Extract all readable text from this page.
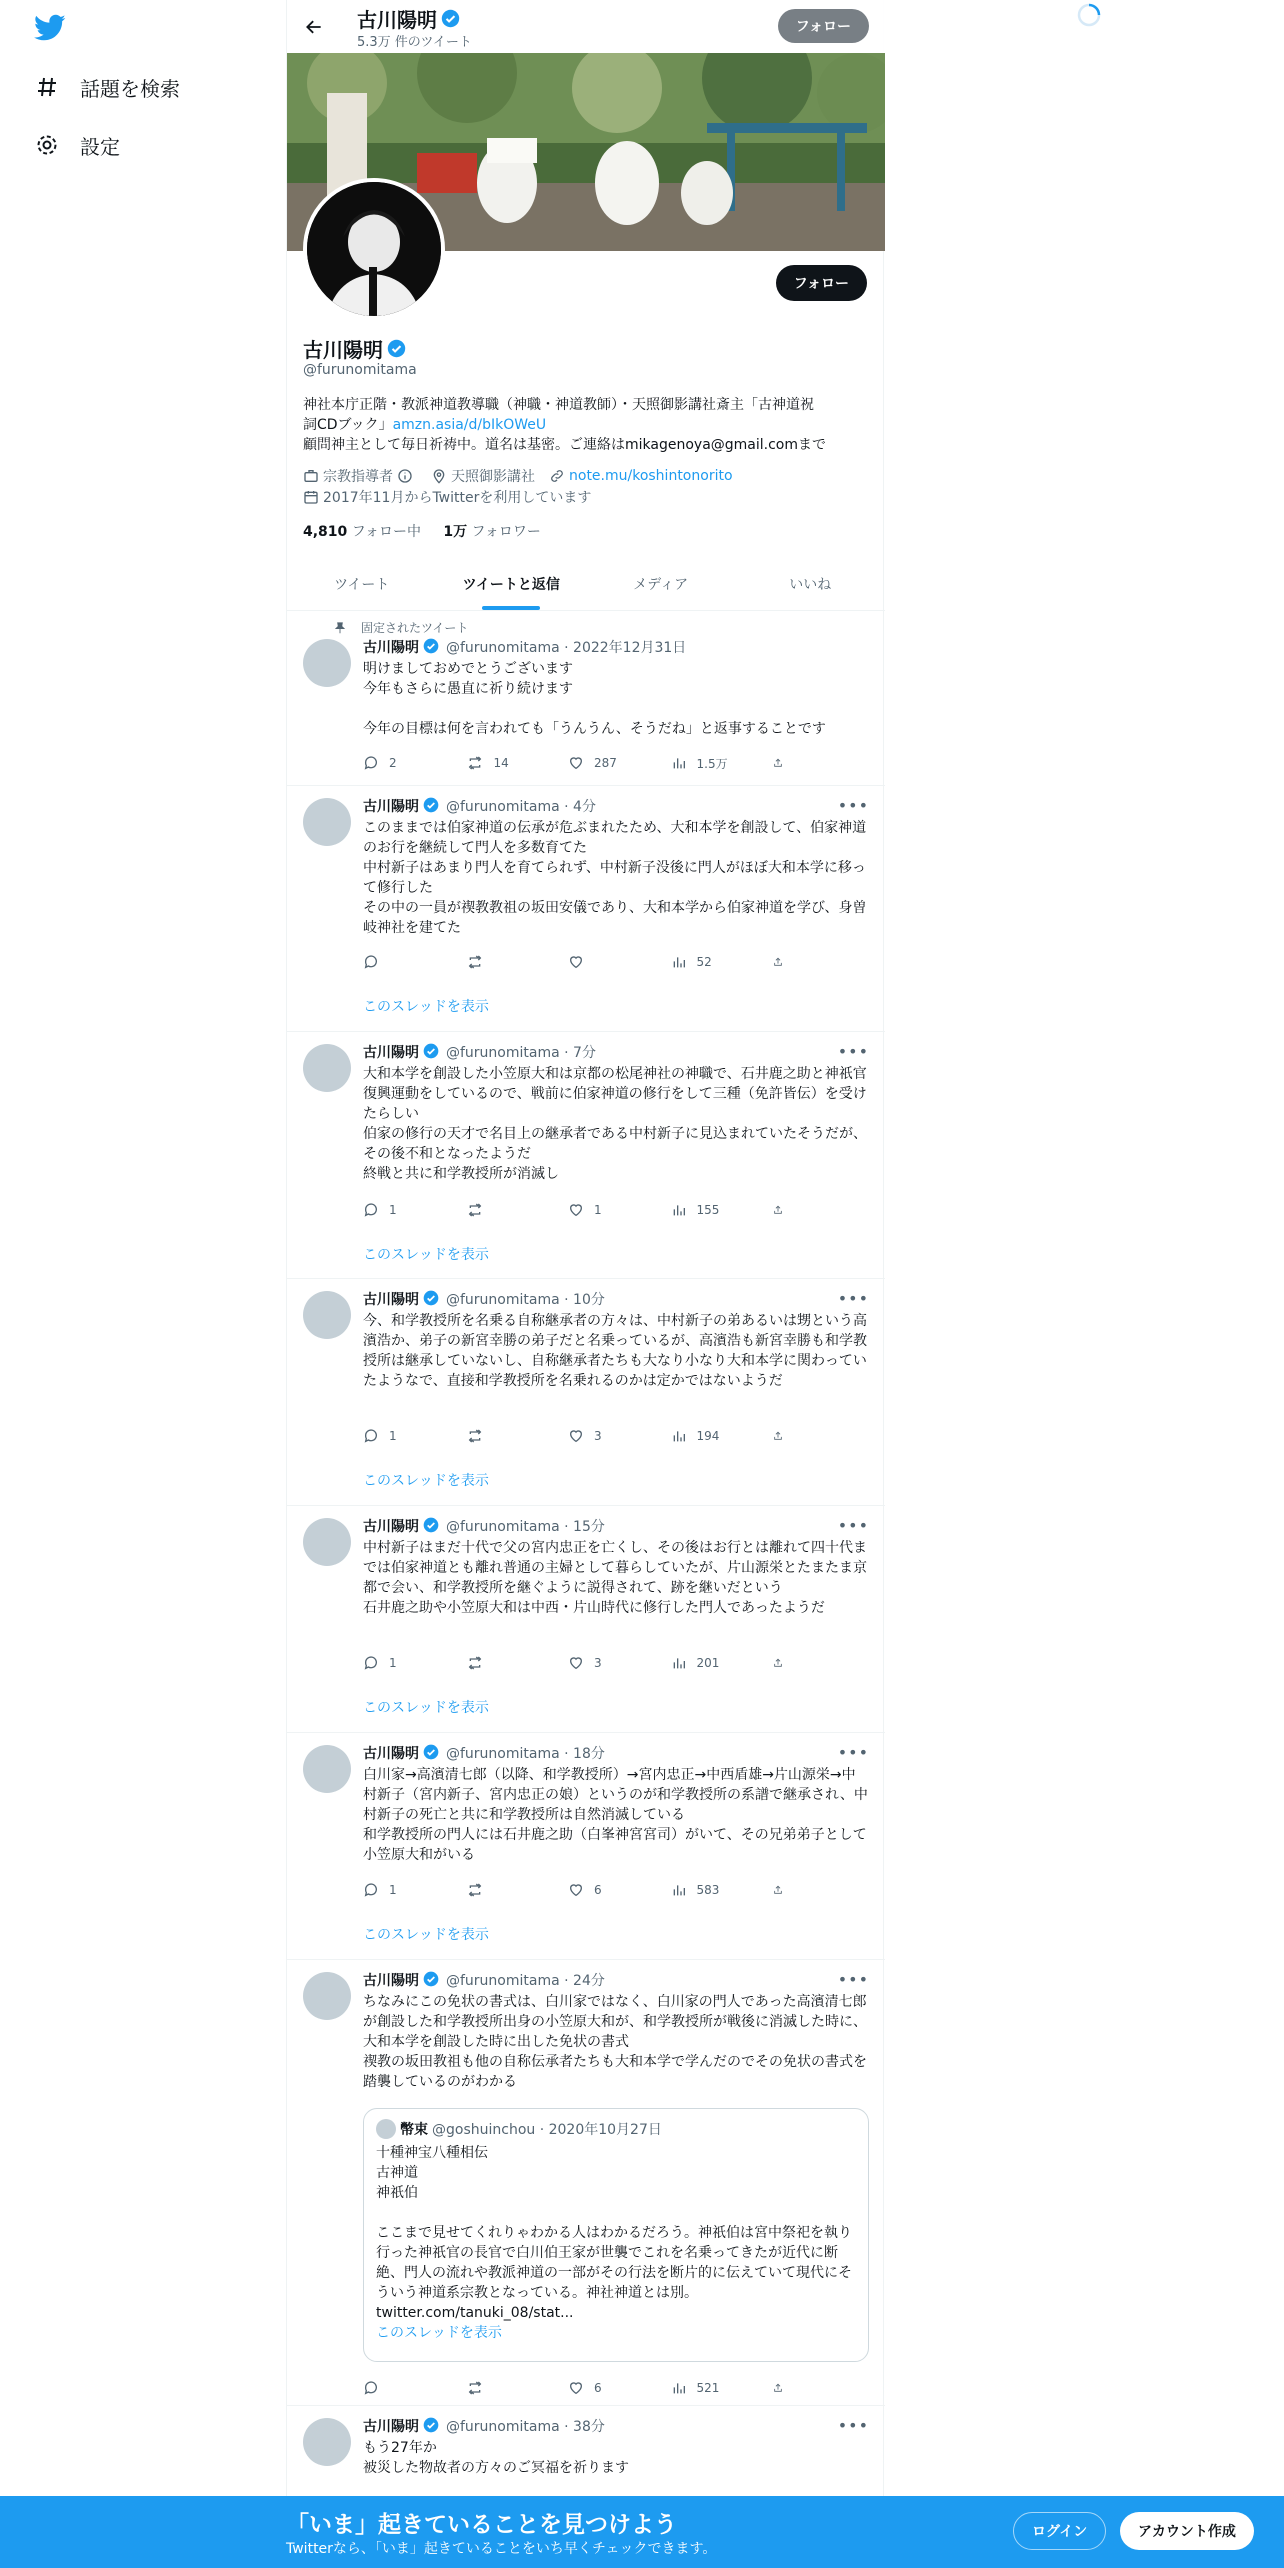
話題を検索
設定
古川陽明
5.3万 件のツイート
フォロー
フォロー
古川陽明
@furunomitama
神社本庁正階・教派神道教導職（神職・神道教師）・天照御影講社斎主「古神道祝
詞CDブック」amzn.asia/d/bIkOWeU
顧問神主として毎日祈祷中。道名は基密。ご連絡はmikagenoya@gmail.comまで
宗教指導者	天照御影講社 note.mu/koshintonorito
2017年11月からTwitterを利用しています
4,810 フォロー中 1万 フォロワー
ツイート	ツイートと返信	メディア	いいね
固定されたツイート
古川陽明 @furunomitama · 2022年12月31日
明けましておめでとうございます
今年もさらに愚直に祈り続けます

今年の目標は何を言われても「うんうん、そうだね」と返事することです
2	14	287	1.5万
古川陽明 @furunomitama · 4分	•••
このままでは伯家神道の伝承が危ぶまれたため、大和本学を創設して、伯家神道のお行を継続して門人を多数育てた
中村新子はあまり門人を育てられず、中村新子没後に門人がほぼ大和本学に移って修行した
その中の一員が禊教教祖の坂田安儀であり、大和本学から伯家神道を学び、身曽岐神社を建てた
52
このスレッドを表示
古川陽明 @furunomitama · 7分	•••
大和本学を創設した小笠原大和は京都の松尾神社の神職で、石井鹿之助と神祇官復興運動をしているので、戦前に伯家神道の修行をして三種（免許皆伝）を受けたらしい
伯家の修行の天才で名目上の継承者である中村新子に見込まれていたそうだが、その後不和となったようだ
終戦と共に和学教授所が消滅し
1	1	155
このスレッドを表示
古川陽明 @furunomitama · 10分	•••
今、和学教授所を名乗る自称継承者の方々は、中村新子の弟あるいは甥という高濱浩か、弟子の新宮幸勝の弟子だと名乗っているが、高濱浩も新宮幸勝も和学教授所は継承していないし、自称継承者たちも大なり小なり大和本学に関わっていたようなで、直接和学教授所を名乗れるのかは定かではないようだ
1	3	194
このスレッドを表示
古川陽明 @furunomitama · 15分	•••
中村新子はまだ十代で父の宮内忠正を亡くし、その後はお行とは離れて四十代までは伯家神道とも離れ普通の主婦として暮らしていたが、片山源栄とたまたま京都で会い、和学教授所を継ぐように説得されて、跡を継いだという
石井鹿之助や小笠原大和は中西・片山時代に修行した門人であったようだ
1	3	201
このスレッドを表示
古川陽明 @furunomitama · 18分	•••
白川家→高濱清七郎（以降、和学教授所）→宮内忠正→中西盾雄→片山源栄→中村新子（宮内新子、宮内忠正の娘）というのが和学教授所の系譜で継承され、中村新子の死亡と共に和学教授所は自然消滅している
和学教授所の門人には石井鹿之助（白峯神宮宮司）がいて、その兄弟弟子として小笠原大和がいる
1	6	583
このスレッドを表示
古川陽明 @furunomitama · 24分	•••
ちなみにこの免状の書式は、白川家ではなく、白川家の門人であった高濱清七郎が創設した和学教授所出身の小笠原大和が、和学教授所が戦後に消滅した時に、大和本学を創設した時に出した免状の書式
禊教の坂田教祖も他の自称伝承者たちも大和本学で学んだのでその免状の書式を踏襲しているのがわかる
幣束 @goshuinchou · 2020年10月27日
十種神宝八種相伝
古神道
神祇伯

ここまで見せてくれりゃわかる人はわかるだろう。神祇伯は宮中祭祀を執り行った神祇官の長官で白川伯王家が世襲でこれを名乗ってきたが近代に断絶、門人の流れや教派神道の一部がその行法を断片的に伝えていて現代にそういう神道系宗教となっている。神社神道とは別。
twitter.com/tanuki_08/stat...
このスレッドを表示
6	521
古川陽明 @furunomitama · 38分	•••
もう27年か
被災した物故者の方々のご冥福を祈ります
「いま」起きていることを見つけよう
Twitterなら、「いま」起きていることをいち早くチェックできます。
ログイン	アカウント作成
